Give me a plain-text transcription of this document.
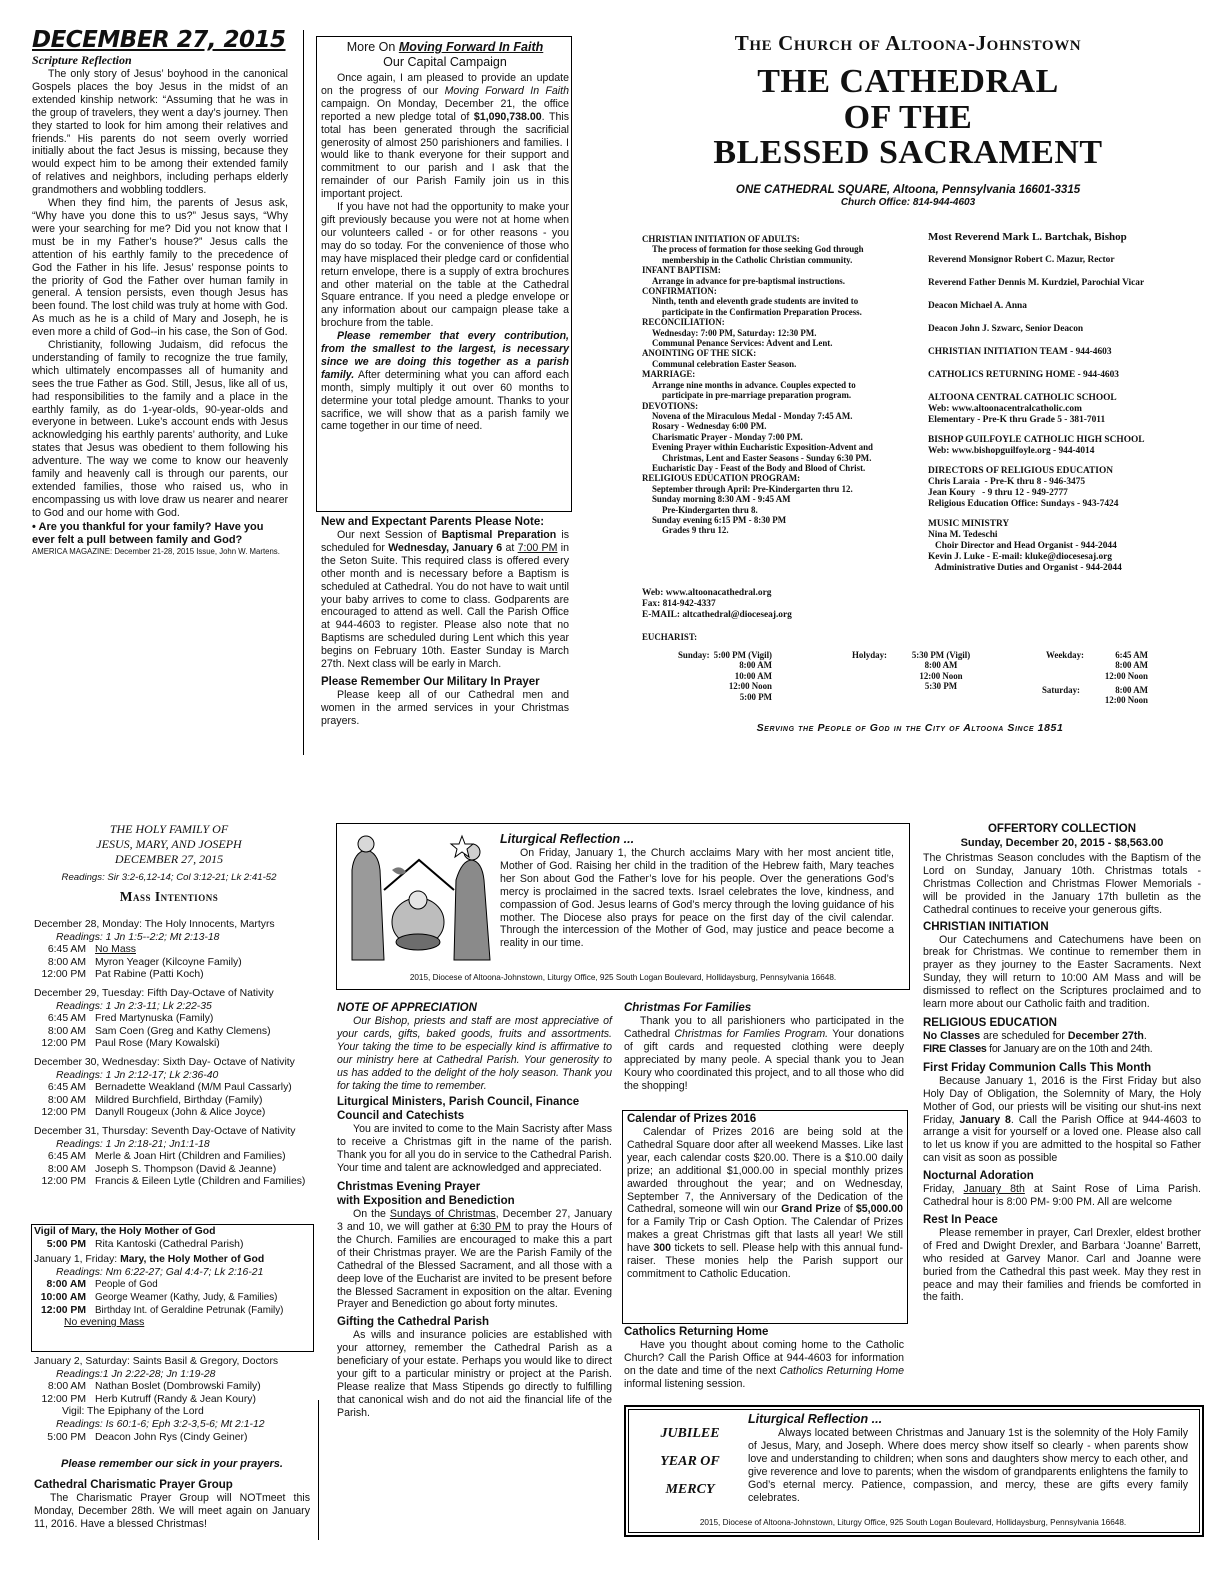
DECEMBER 27, 2015
Scripture Reflection

The only story of Jesus’ boyhood in the canonical Gospels places the boy Jesus in the midst of an extended kinship network: “Assuming that he was in the group of travelers, they went a day’s journey. Then they started to look for him among their relatives and friends.” His parents do not seem overly worried initially about the fact Jesus is missing, because they would expect him to be among their extended family of relatives and neighbors, including perhaps elderly grandmothers and wobbling toddlers.

When they find him, the parents of Jesus ask, “Why have you done this to us?” Jesus says, “Why were your searching for me? Did you not know that I must be in my Father’s house?” Jesus calls the attention of his earthly family to the precedence of God the Father in his life. Jesus’ response points to the priority of God the Father over human family in general. A tension persists, even though Jesus has been found. The lost child was truly at home with God. As much as he is a child of Mary and Joseph, he is even more a child of God--in his case, the Son of God.

Christianity, following Judaism, did refocus the understanding of family to recognize the true family, which ultimately encompasses all of humanity and sees the true Father as God. Still, Jesus, like all of us, had responsibilities to the family and a place in the earthly family, as do 1-year-olds, 90-year-olds and everyone in between. Luke’s account ends with Jesus acknowledging his earthly parents’ authority, and Luke states that Jesus was obedient to them following his adventure. The way we come to know our heavenly family and heavenly call is through our parents, our extended families, those who raised us, who in encompassing us with love draw us nearer and nearer to God and our home with God.

• Are you thankful for your family? Have you ever felt a pull between family and God?

AMERICA MAGAZINE: December 21-28, 2015 Issue, John W. Martens.

More On Moving Forward In Faith
Our Capital Campaign

Once again, I am pleased to provide an update on the progress of our Moving Forward In Faith campaign. On Monday, December 21, the office reported a new pledge total of $1,090,738.00. This total has been generated through the sacrificial generosity of almost 250 parishioners and families. I would like to thank everyone for their support and commitment to our parish and I ask that the remainder of our Parish Family join us in this important project.

If you have not had the opportunity to make your gift previously because you were not at home when our volunteers called - or for other reasons - you may do so today. For the convenience of those who may have misplaced their pledge card or confidential return envelope, there is a supply of extra brochures and other material on the table at the Cathedral Square entrance. If you need a pledge envelope or any information about our campaign please take a brochure from the table.

Please remember that every contribution, from the smallest to the largest, is necessary since we are doing this together as a parish family. After determining what you can afford each month, simply multiply it out over 60 months to determine your total pledge amount. Thanks to your sacrifice, we will show that as a parish family we came together in our time of need.

New and Expectant Parents Please Note:

Our next Session of Baptismal Preparation is scheduled for Wednesday, January 6 at 7:00 PM in the Seton Suite. This required class is offered every other month and is necessary before a Baptism is scheduled at Cathedral. You do not have to wait until your baby arrives to come to class. Godparents are encouraged to attend as well. Call the Parish Office at 944-4603 to register. Please also note that no Baptisms are scheduled during Lent which this year begins on February 10th. Easter Sunday is March 27th. Next class will be early in March.

Please Remember Our Military In Prayer

Please keep all of our Cathedral men and women in the armed services in your Christmas prayers.

The Church of Altoona-Johnstown
THE CATHEDRAL
OF THE
BLESSED SACRAMENT
ONE CATHEDRAL SQUARE, Altoona, Pennsylvania 16601-3315
Church Office: 814-944-4603
CHRISTIAN INITIATION OF ADULTS:
The process of formation for those seeking God through
membership in the Catholic Christian community.
INFANT BAPTISM:
Arrange in advance for pre-baptismal instructions.
CONFIRMATION:
Ninth, tenth and eleventh grade students are invited to
participate in the Confirmation Preparation Process.
RECONCILIATION:
Wednesday: 7:00 PM, Saturday: 12:30 PM.
Communal Penance Services: Advent and Lent.
ANOINTING OF THE SICK:
Communal celebration Easter Season.
MARRIAGE:
Arrange nine months in advance. Couples expected to
participate in pre-marriage preparation program.
DEVOTIONS:
Novena of the Miraculous Medal - Monday 7:45 AM.
Rosary - Wednesday 6:00 PM.
Charismatic Prayer - Monday 7:00 PM.
Evening Prayer within Eucharistic Exposition-Advent and
Christmas, Lent and Easter Seasons - Sunday 6:30 PM.
Eucharistic Day - Feast of the Body and Blood of Christ.
RELIGIOUS EDUCATION PROGRAM:
September through April: Pre-Kindergarten thru 12.
Sunday morning 8:30 AM - 9:45 AM
Pre-Kindergarten thru 8.
Sunday evening 6:15 PM - 8:30 PM
Grades 9 thru 12.
Web: www.altoonacathedral.org
Fax: 814-942-4337
E-MAIL: altcathedral@dioceseaj.org
Most Reverend Mark L. Bartchak, Bishop
Reverend Monsignor Robert C. Mazur, Rector
Reverend Father Dennis M. Kurdziel, Parochial Vicar
Deacon Michael A. Anna
Deacon John J. Szwarc, Senior Deacon
CHRISTIAN INITIATION TEAM - 944-4603
CATHOLICS RETURNING HOME - 944-4603
ALTOONA CENTRAL CATHOLIC SCHOOL
Web: www.altoonacentralcatholic.com
Elementary - Pre-K thru Grade 5 - 381-7011
BISHOP GUILFOYLE CATHOLIC HIGH SCHOOL
Web: www.bishopguilfoyle.org - 944-4014
DIRECTORS OF RELIGIOUS EDUCATION
Chris Laraia  - Pre-K thru 8 - 946-3475
Jean Koury   - 9 thru 12 - 949-2777
Religious Education Office: Sundays - 943-7424
MUSIC MINISTRY
Nina M. Tedeschi
Choir Director and Head Organist - 944-2044
Kevin J. Luke - E-mail: kluke@diocesesaj.org
Administrative Duties and Organist - 944-2044
EUCHARIST:
Sunday: 5:00 PM (Vigil)
8:00 AM
10:00 AM
12:00 Noon
5:00 PM
Holyday:	5:30 PM (Vigil)
8:00 AM
12:00 Noon
5:30 PM
Weekday:	6:45 AM
8:00 AM
12:00 Noon
Saturday:	8:00 AM
12:00 Noon
Serving the People of God in the City of Altoona Since 1851
THE HOLY FAMILY OF
JESUS, MARY, AND JOSEPH
DECEMBER 27, 2015
Readings: Sir 3:2-6,12-14; Col 3:12-21; Lk 2:41-52
Mass Intentions
December 28, Monday: The Holy Innocents, Martyrs
Readings: 1 Jn 1:5--2:2; Mt 2:13-18
6:45 AM No Mass
8:00 AM Myron Yeager (Kilcoyne Family)
12:00 PM Pat Rabine (Patti Koch)
December 29, Tuesday: Fifth Day-Octave of Nativity
Readings: 1 Jn 2:3-11; Lk 2:22-35
6:45 AM Fred Martynuska (Family)
8:00 AM Sam Coen (Greg and Kathy Clemens)
12:00 PM Paul Rose (Mary Kowalski)
December 30, Wednesday: Sixth Day- Octave of Nativity
Readings: 1 Jn 2:12-17; Lk 2:36-40
6:45 AM Bernadette Weakland (M/M Paul Cassarly)
8:00 AM Mildred Burchfield, Birthday (Family)
12:00 PM Danyll Rougeux (John & Alice Joyce)
December 31, Thursday: Seventh Day-Octave of Nativity
Readings: 1 Jn 2:18-21; Jn1:1-18
6:45 AM Merle & Joan Hirt (Children and Families)
8:00 AM Joseph S. Thompson (David & Jeanne)
12:00 PM Francis & Eileen Lytle (Children and Families)
Vigil of Mary, the Holy Mother of God
5:00 PM Rita Kantoski (Cathedral Parish)
January 1, Friday: Mary, the Holy Mother of God
Readings: Nm 6:22-27; Gal 4:4-7; Lk 2:16-21
8:00 AM People of God
10:00 AM George Weamer (Kathy, Judy, & Families)
12:00 PM Birthday Int. of Geraldine Petrunak (Family)
No evening Mass
January 2, Saturday: Saints Basil & Gregory, Doctors
Readings:1 Jn 2:22-28; Jn 1:19-28
8:00 AM Nathan Boslet (Dombrowski Family)
12:00 PM Herb Kutruff (Randy & Jean Koury)
Vigil: The Epiphany of the Lord
Readings: Is 60:1-6; Eph 3:2-3,5-6; Mt 2:1-12
5:00 PM Deacon John Rys (Cindy Geiner)
Please remember our sick in your prayers.
Cathedral Charismatic Prayer Group

The Charismatic Prayer Group will NOTmeet this Monday, December 28th. We will meet again on January 11, 2016. Have a blessed Christmas!

Liturgical Reflection ...

On Friday, January 1, the Church acclaims Mary with her most ancient title, Mother of God. Raising her child in the tradition of the Hebrew faith, Mary teaches her Son about God the Father’s love for his people. Over the generations God’s mercy is proclaimed in the sacred texts. Israel celebrates the love, kindness, and compassion of God. Jesus learns of God’s mercy through the loving guidance of his mother. The Diocese also prays for peace on the first day of the civil calendar. Through the intercession of the Mother of God, may justice and peace become a reality in our time.

2015, Diocese of Altoona-Johnstown, Liturgy Office, 925 South Logan Boulevard, Hollidaysburg, Pennsylvania 16648.
NOTE OF APPRECIATION

Our Bishop, priests and staff are most appreciative of your cards, gifts, baked goods, fruits and assortments. Your taking the time to be especially kind is affirmative to our ministry here at Cathedral Parish. Your generosity to us has added to the delight of the holy season. Thank you for taking the time to remember.

Liturgical Ministers, Parish Council, Finance Council and Catechists

You are invited to come to the Main Sacristy after Mass to receive a Christmas gift in the name of the parish. Thank you for all you do in service to the Cathedral Parish. Your time and talent are acknowledged and appreciated.

Christmas Evening Prayer
with Exposition and Benediction

On the Sundays of Christmas, December 27, January 3 and 10, we will gather at 6:30 PM to pray the Hours of the Church. Families are encouraged to make this a part of their Christmas prayer. We are the Parish Family of the Cathedral of the Blessed Sacrament, and all those with a deep love of the Eucharist are invited to be present before the Blessed Sacrament in exposition on the altar. Evening Prayer and Benediction go about forty minutes.

Gifting the Cathedral Parish

As wills and insurance policies are established with your attorney, remember the Cathedral Parish as a beneficiary of your estate. Perhaps you would like to direct your gift to a particular ministry or project at the Parish. Please realize that Mass Stipends go directly to fulfilling that canonical wish and do not aid the financial life of the Parish.

Christmas For Families

Thank you to all parishioners who participated in the Cathedral Christmas for Famlies Program. Your donations of gift cards and requested clothing were deeply appreciated by many peole. A special thank you to Jean Koury who coordinated this project, and to all those who did the shopping!

Calendar of Prizes 2016

Calendar of Prizes 2016 are being sold at the Cathedral Square door after all weekend Masses. Like last year, each calendar costs $20.00. There is a $10.00 daily prize; an additional $1,000.00 in special monthly prizes awarded throughout the year; and on Wednesday, September 7, the Anniversary of the Dedication of the Cathedral, someone will win our Grand Prize of $5,000.00 for a Family Trip or Cash Option. The Calendar of Prizes makes a great Christmas gift that lasts all year! We still have 300 tickets to sell. Please help with this annual fund-raiser. These monies help the Parish support our commitment to Catholic Education.

Catholics Returning Home

Have you thought about coming home to the Catholic Church? Call the Parish Office at 944-4603 for information on the date and time of the next Catholics Returning Home informal listening session.

OFFERTORY COLLECTION
Sunday, December 20, 2015 - $8,563.00

The Christmas Season concludes with the Baptism of the Lord on Sunday, January 10th. Christmas totals - Christmas Collection and Christmas Flower Memorials - will be provided in the January 17th bulletin as the Cathedral continues to receive your generous gifts.

CHRISTIAN INITIATION

Our Catechumens and Catechumens have been on break for Christmas. We continue to remember them in prayer as they journey to the Easter Sacraments. Next Sunday, they will return to 10:00 AM Mass and will be dismissed to reflect on the Scriptures proclaimed and to learn more about our Catholic faith and tradition.

RELIGIOUS EDUCATION

No Classes are scheduled for December 27th.

FIRE Classes for January are on the 10th and 24th.

First Friday Communion Calls This Month

Because January 1, 2016 is the First Friday but also Holy Day of Obligation, the Solemnity of Mary, the Holy Mother of God, our priests will be visiting our shut-ins next Friday, January 8. Call the Parish Office at 944-4603 to arrange a visit for yourself or a loved one. Please also call to let us know if you are admitted to the hospital so Father can visit as soon as possible

Nocturnal Adoration

Friday, January 8th at Saint Rose of Lima Parish. Cathedral hour is 8:00 PM- 9:00 PM. All are welcome

Rest In Peace

Please remember in prayer, Carl Drexler, eldest brother of Fred and Dwight Drexler, and Barbara ‘Joanne’ Barrett, who resided at Garvey Manor. Carl and Joanne were buried from the Cathedral this past week. May they rest in peace and may their families and friends be comforted in the faith.

JUBILEE
YEAR OF
MERCY
Liturgical Reflection ...

Always located between Christmas and January 1st is the solemnity of the Holy Family of Jesus, Mary, and Joseph. Where does mercy show itself so clearly - when parents show love and understanding to children; when sons and daughters show mercy to each other, and give reverence and love to parents; when the wisdom of grandparents enlightens the family to God’s eternal mercy. Patience, compassion, and mercy, these are gifts every family celebrates.

2015, Diocese of Altoona-Johnstown, Liturgy Office, 925 South Logan Boulevard, Hollidaysburg, Pennsylvania 16648.
